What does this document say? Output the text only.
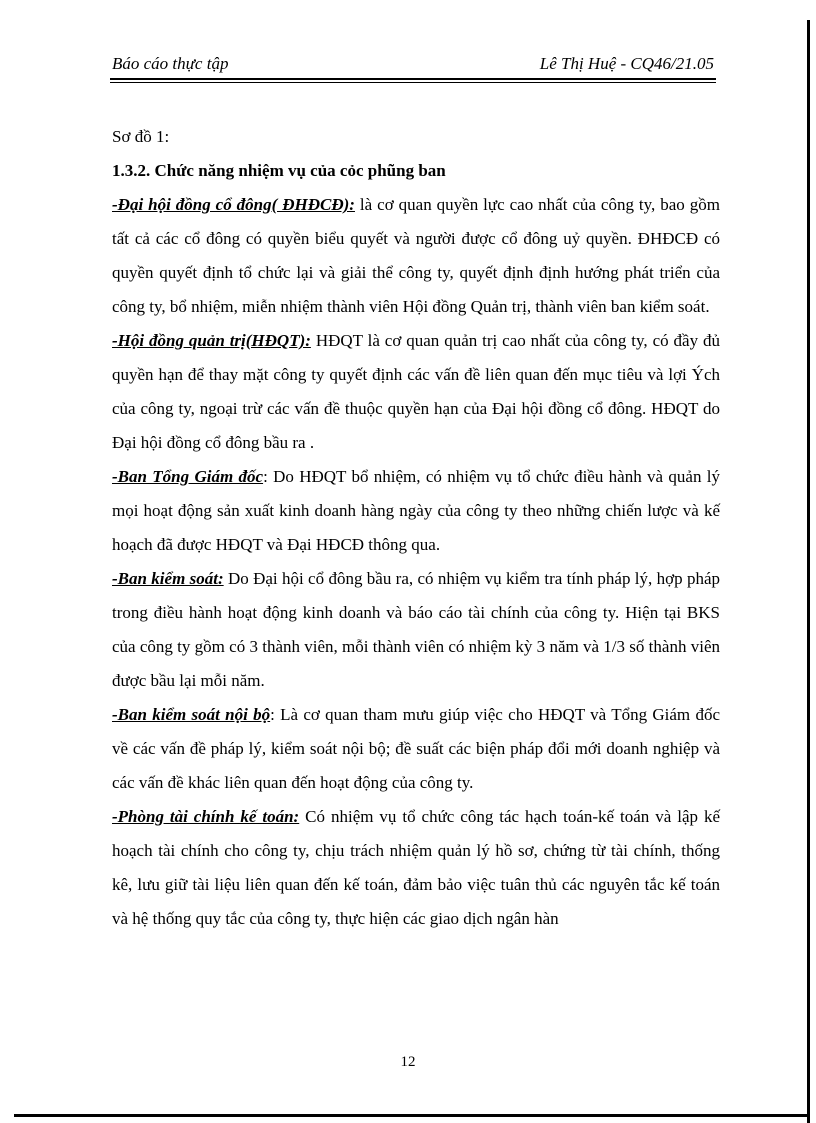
Báo cáo thực tập	Lê Thị Huệ - CQ46/21.05

Sơ đồ 1:

1.3.2. Chức năng nhiệm vụ của cỏc phũng ban

-Đại hội đồng cổ đông( ĐHĐCĐ): là cơ quan quyền lực cao nhất của công ty, bao gồm tất cả các cổ đông có quyền biểu quyết và người được cổ đông uỷ quyền. ĐHĐCĐ có quyền quyết định tổ chức lại và giải thể công ty, quyết định định hướng phát triển của công ty, bổ nhiệm, miễn nhiệm thành viên Hội đồng Quản trị, thành viên ban kiểm soát.

-Hội đồng quản trị(HĐQT): HĐQT là cơ quan quản trị cao nhất của công ty, có đầy đủ quyền hạn để thay mặt công ty quyết định các vấn đề liên quan đến mục tiêu và lợi Ých của công ty, ngoại trừ các vấn đề thuộc quyền hạn của Đại hội đồng cổ đông. HĐQT do Đại hội đồng cổ đông bầu ra .

-Ban Tổng Giám đốc: Do HĐQT bổ nhiệm, có nhiệm vụ tổ chức điều hành và quản lý mọi hoạt động sản xuất kinh doanh hàng ngày của công ty theo những chiến lược và kế hoạch đã được HĐQT và Đại HĐCĐ thông qua.

-Ban kiểm soát: Do Đại hội cổ đông bầu ra, có nhiệm vụ kiểm tra tính pháp lý, hợp pháp trong điều hành hoạt động kinh doanh và báo cáo tài chính của công ty. Hiện tại BKS của công ty gồm có 3 thành viên, mỗi thành viên có nhiệm kỳ 3 năm và 1/3 số thành viên được bầu lại mỗi năm.

-Ban kiểm soát nội bộ: Là cơ quan tham mưu giúp việc cho HĐQT và Tổng Giám đốc về các vấn đề pháp lý, kiểm soát nội bộ; đề suất các biện pháp đổi mới doanh nghiệp và các vấn đề khác liên quan đến hoạt động của công ty.

-Phòng tài chính kế toán: Có nhiệm vụ tổ chức công tác hạch toán-kế toán và lập kế hoạch tài chính cho công ty, chịu trách nhiệm quản lý hồ sơ, chứng từ tài chính, thống kê, lưu giữ tài liệu liên quan đến kế toán, đảm bảo việc tuân thủ các nguyên tắc kế toán và hệ thống quy tắc của công ty, thực hiện các giao dịch ngân hàn

12
